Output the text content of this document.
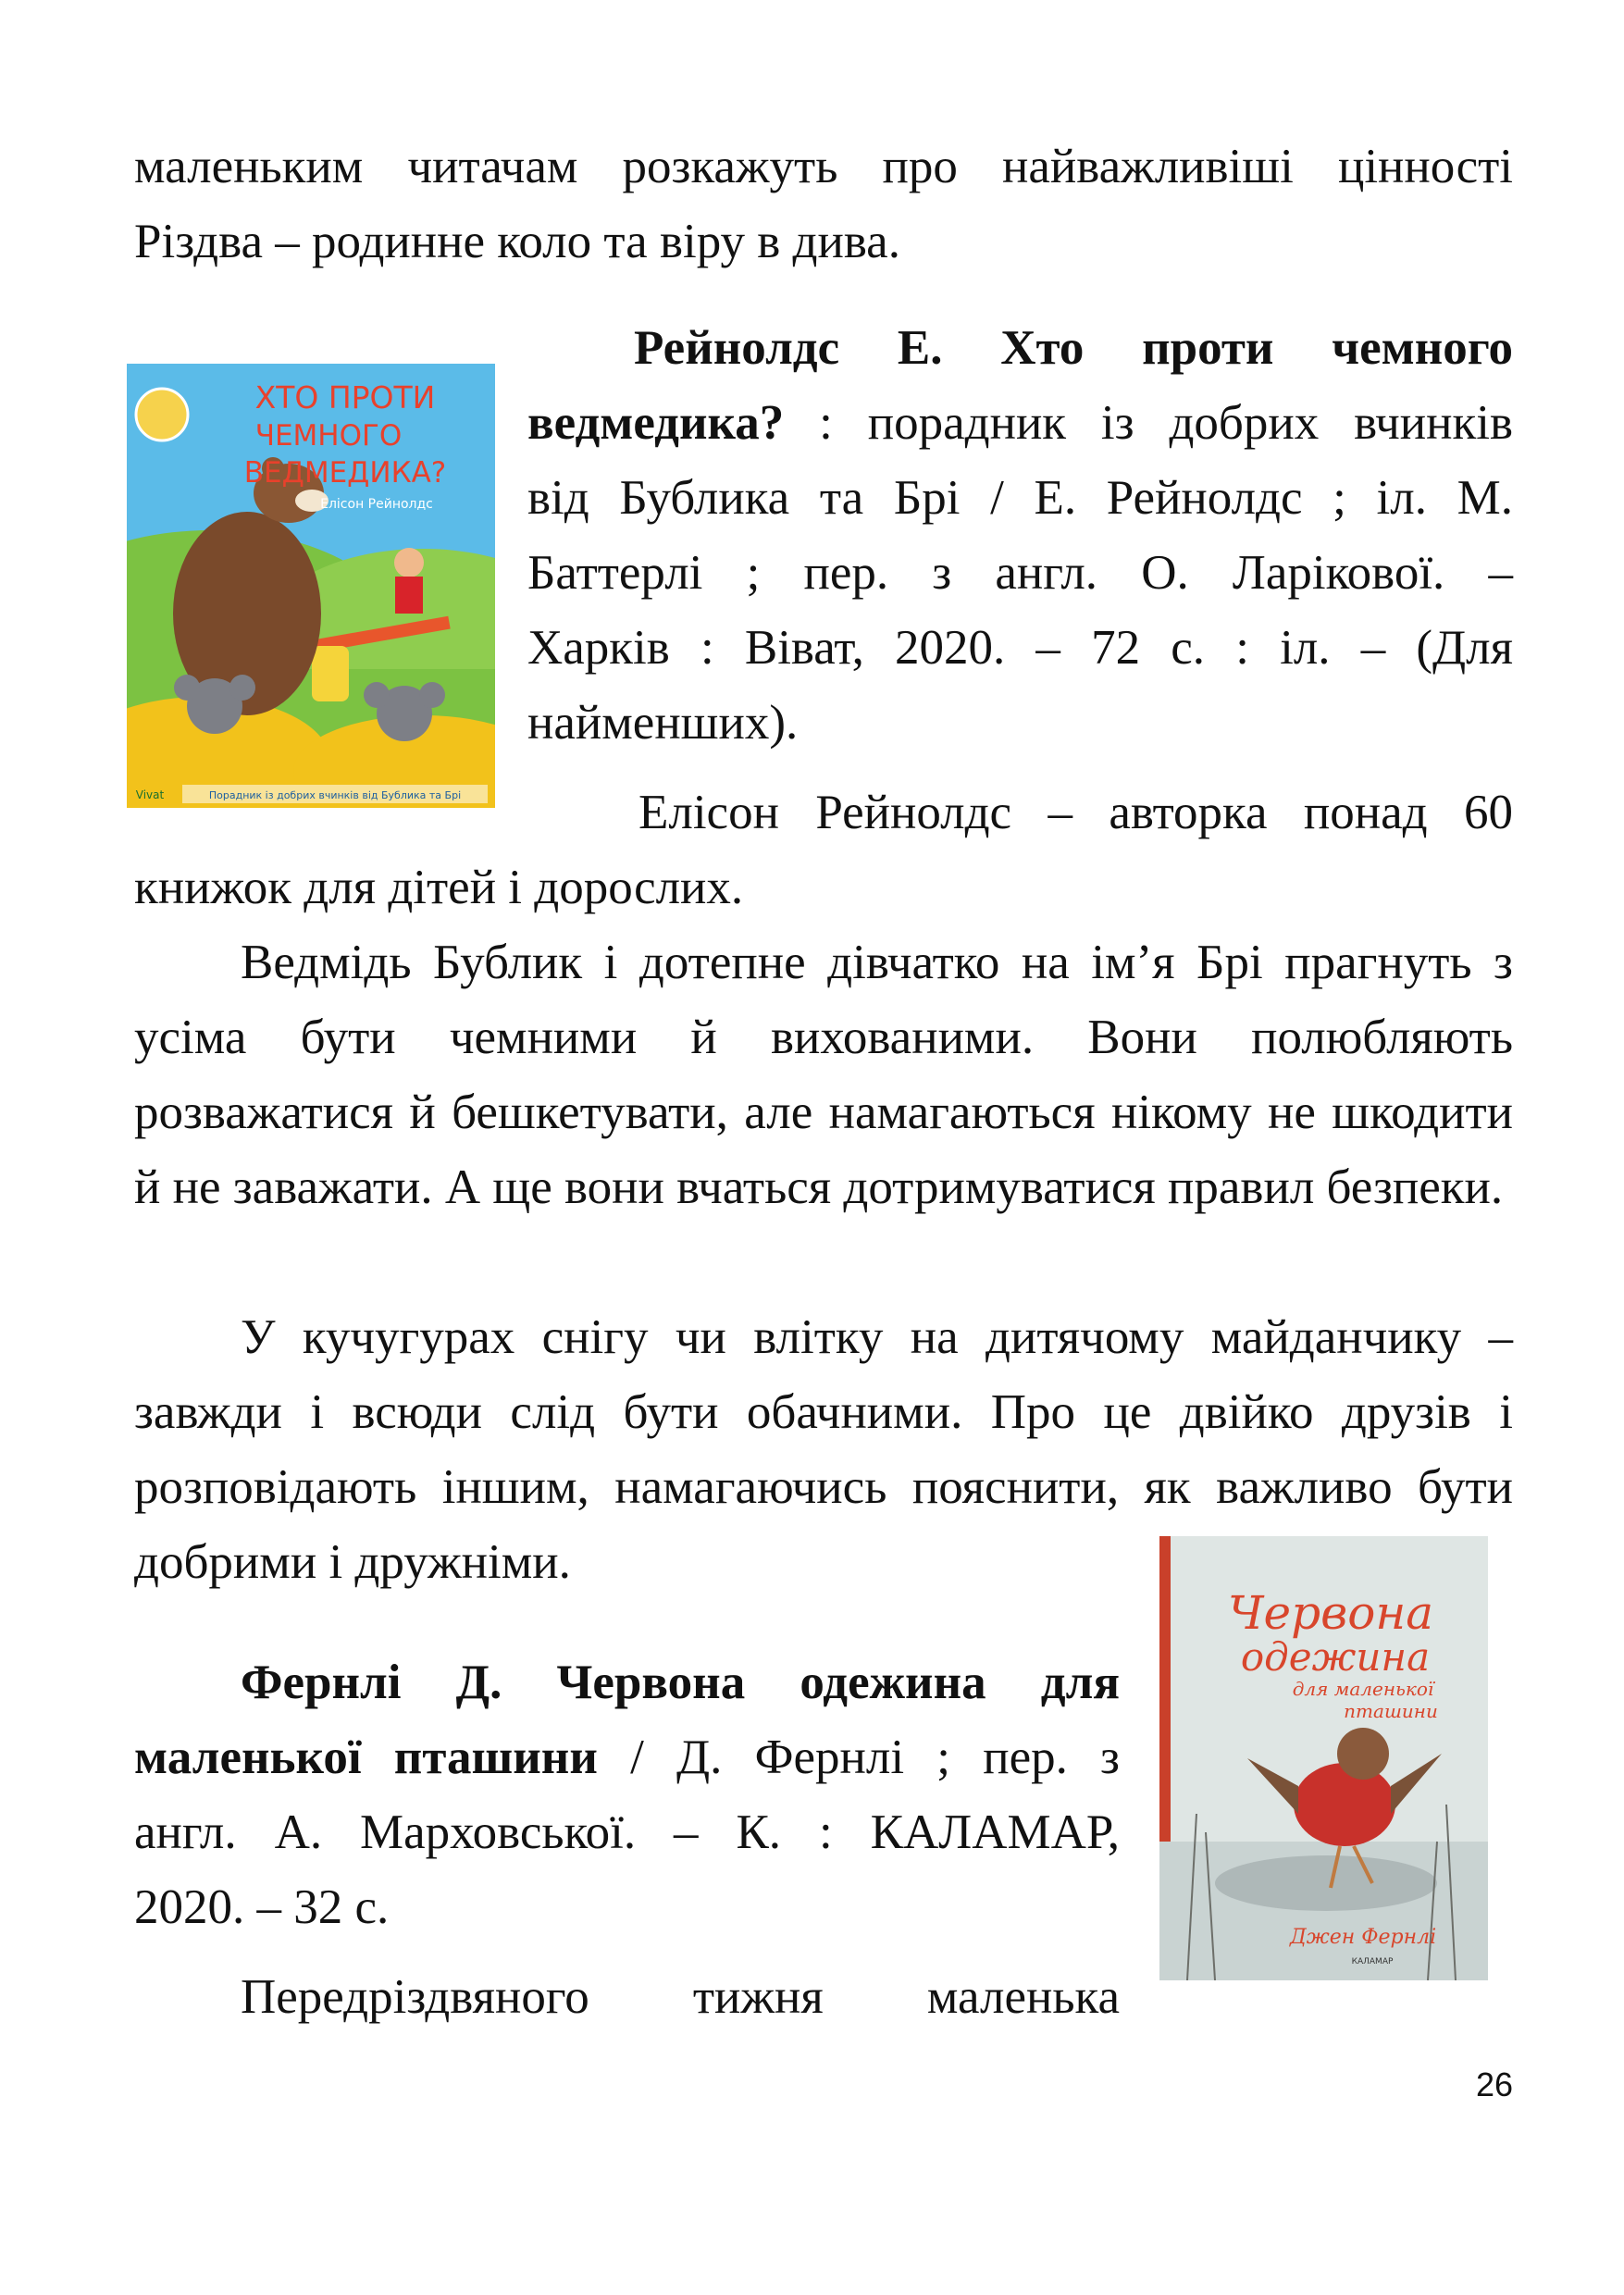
маленьким читачам розкажуть про найважливіші цінності

Різдва – родинне коло та віру в дива.

ХТО ПРОТИ
ЧЕМНОГО
ВЕДМЕДИКА?
Елісон Рейнолдс
Порадник із добрих вчинків від Бублика та Брі
Vivat

Рейнолдс Е. Хто проти чемного

ведмедика? : порадник із добрих вчинків

від Бублика та Брі / Е. Рейнолдс ; іл. М.

Баттерлі ; пер. з англ. О. Ларікової. –

Харків : Віват, 2020. – 72 с. : іл. – (Для

найменших).

Елісон Рейнолдс – авторка понад 60

книжок для дітей і дорослих.

Ведмідь Бублик і дотепне дівчатко на ім’я Брі прагнуть з усіма бути чемними й вихованими. Вони полюбляють розважатися й бешкетувати, але намагаються нікому не шкодити й не заважати. А ще вони вчаться дотримуватися правил безпеки.

У кучугурах снігу чи влітку на дитячому майданчику – завжди і всюди слід бути обачними. Про це двійко друзів і розповідають іншим, намагаючись пояснити, як важливо бути добрими і дружніми.

Червона
одежина
для маленької
пташини
Джен Фернлі
КАЛАМАР

Фернлі Д. Червона одежина для

маленької пташини / Д. Фернлі ; пер. з

англ. А. Марховської. – К. : КАЛАМАР,

2020. – 32 с.

Передріздвяного тижня маленька

26
